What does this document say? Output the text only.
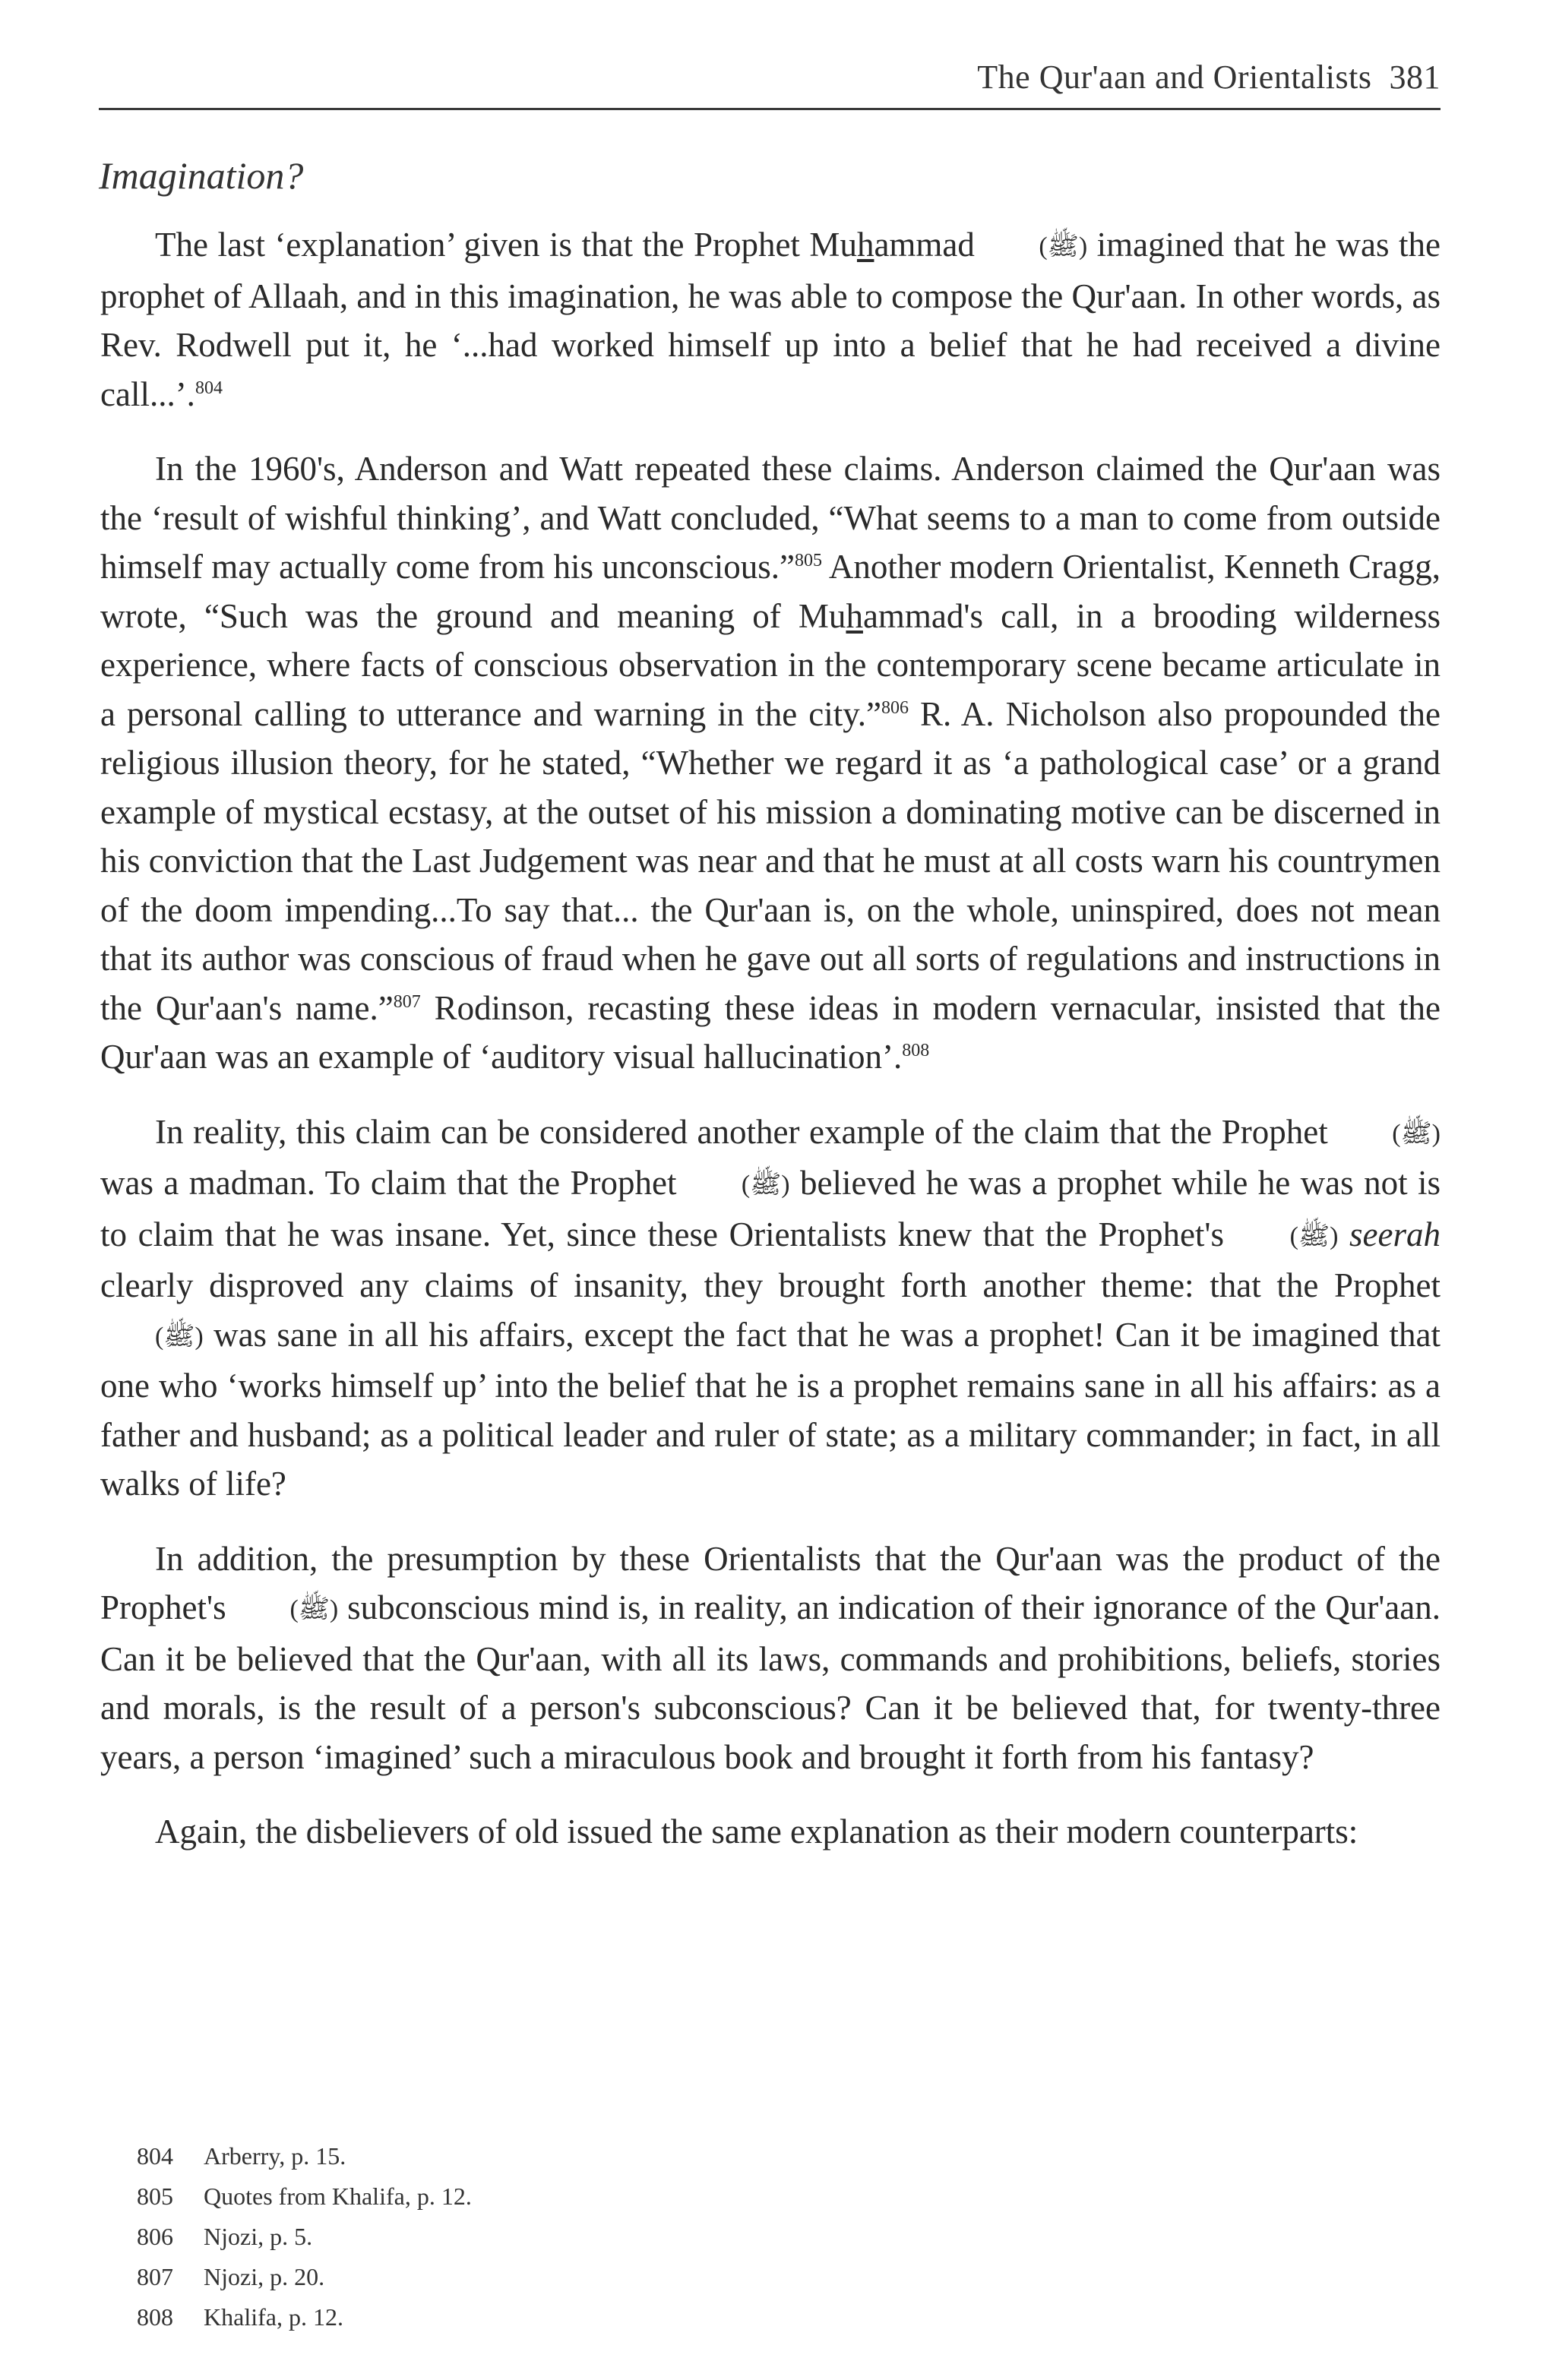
The Qur'aan and Orientalists 381
Imagination?

The last ‘explanation’ given is that the Prophet Muhammad (ﷺ) imagined that he was the prophet of Allaah, and in this imagination, he was able to compose the Qur'aan. In other words, as Rev. Rodwell put it, he ‘...had worked himself up into a belief that he had received a divine call...’.$^{804}$

In the 1960's, Anderson and Watt repeated these claims. Anderson claimed the Qur'aan was the ‘result of wishful thinking’, and Watt concluded, “What seems to a man to come from outside himself may actually come from his unconscious.”$^{805}$ Another modern Orientalist, Kenneth Cragg, wrote, “Such was the ground and meaning of Muhammad's call, in a brooding wilderness experience, where facts of conscious observation in the contemporary scene became articulate in a personal calling to utterance and warning in the city.”$^{806}$ R. A. Nicholson also propounded the religious illusion theory, for he stated, “Whether we regard it as ‘a pathological case’ or a grand example of mystical ecstasy, at the outset of his mission a dominating motive can be discerned in his conviction that the Last Judgement was near and that he must at all costs warn his countrymen of the doom impending...To say that... the Qur'aan is, on the whole, uninspired, does not mean that its author was conscious of fraud when he gave out all sorts of regulations and instructions in the Qur'aan's name.”$^{807}$ Rodinson, recasting these ideas in modern vernacular, insisted that the Qur'aan was an example of ‘auditory visual hallucination’.$^{808}$

In reality, this claim can be considered another example of the claim that the Prophet (ﷺ) was a madman. To claim that the Prophet (ﷺ) believed he was a prophet while he was not is to claim that he was insane. Yet, since these Orientalists knew that the Prophet's (ﷺ) seerah clearly disproved any claims of insanity, they brought forth another theme: that the Prophet (ﷺ) was sane in all his affairs, except the fact that he was a prophet! Can it be imagined that one who ‘works himself up’ into the belief that he is a prophet remains sane in all his affairs: as a father and husband; as a political leader and ruler of state; as a military commander; in fact, in all walks of life?

In addition, the presumption by these Orientalists that the Qur'aan was the product of the Prophet's (ﷺ) subconscious mind is, in reality, an indication of their ignorance of the Qur'aan. Can it be believed that the Qur'aan, with all its laws, commands and prohibitions, beliefs, stories and morals, is the result of a person's subconscious? Can it be believed that, for twenty-three years, a person ‘imagined’ such a miraculous book and brought it forth from his fantasy?

Again, the disbelievers of old issued the same explanation as their modern counterparts:

804	Arberry, p. 15.
805	Quotes from Khalifa, p. 12.
806	Njozi, p. 5.
807	Njozi, p. 20.
808	Khalifa, p. 12.
